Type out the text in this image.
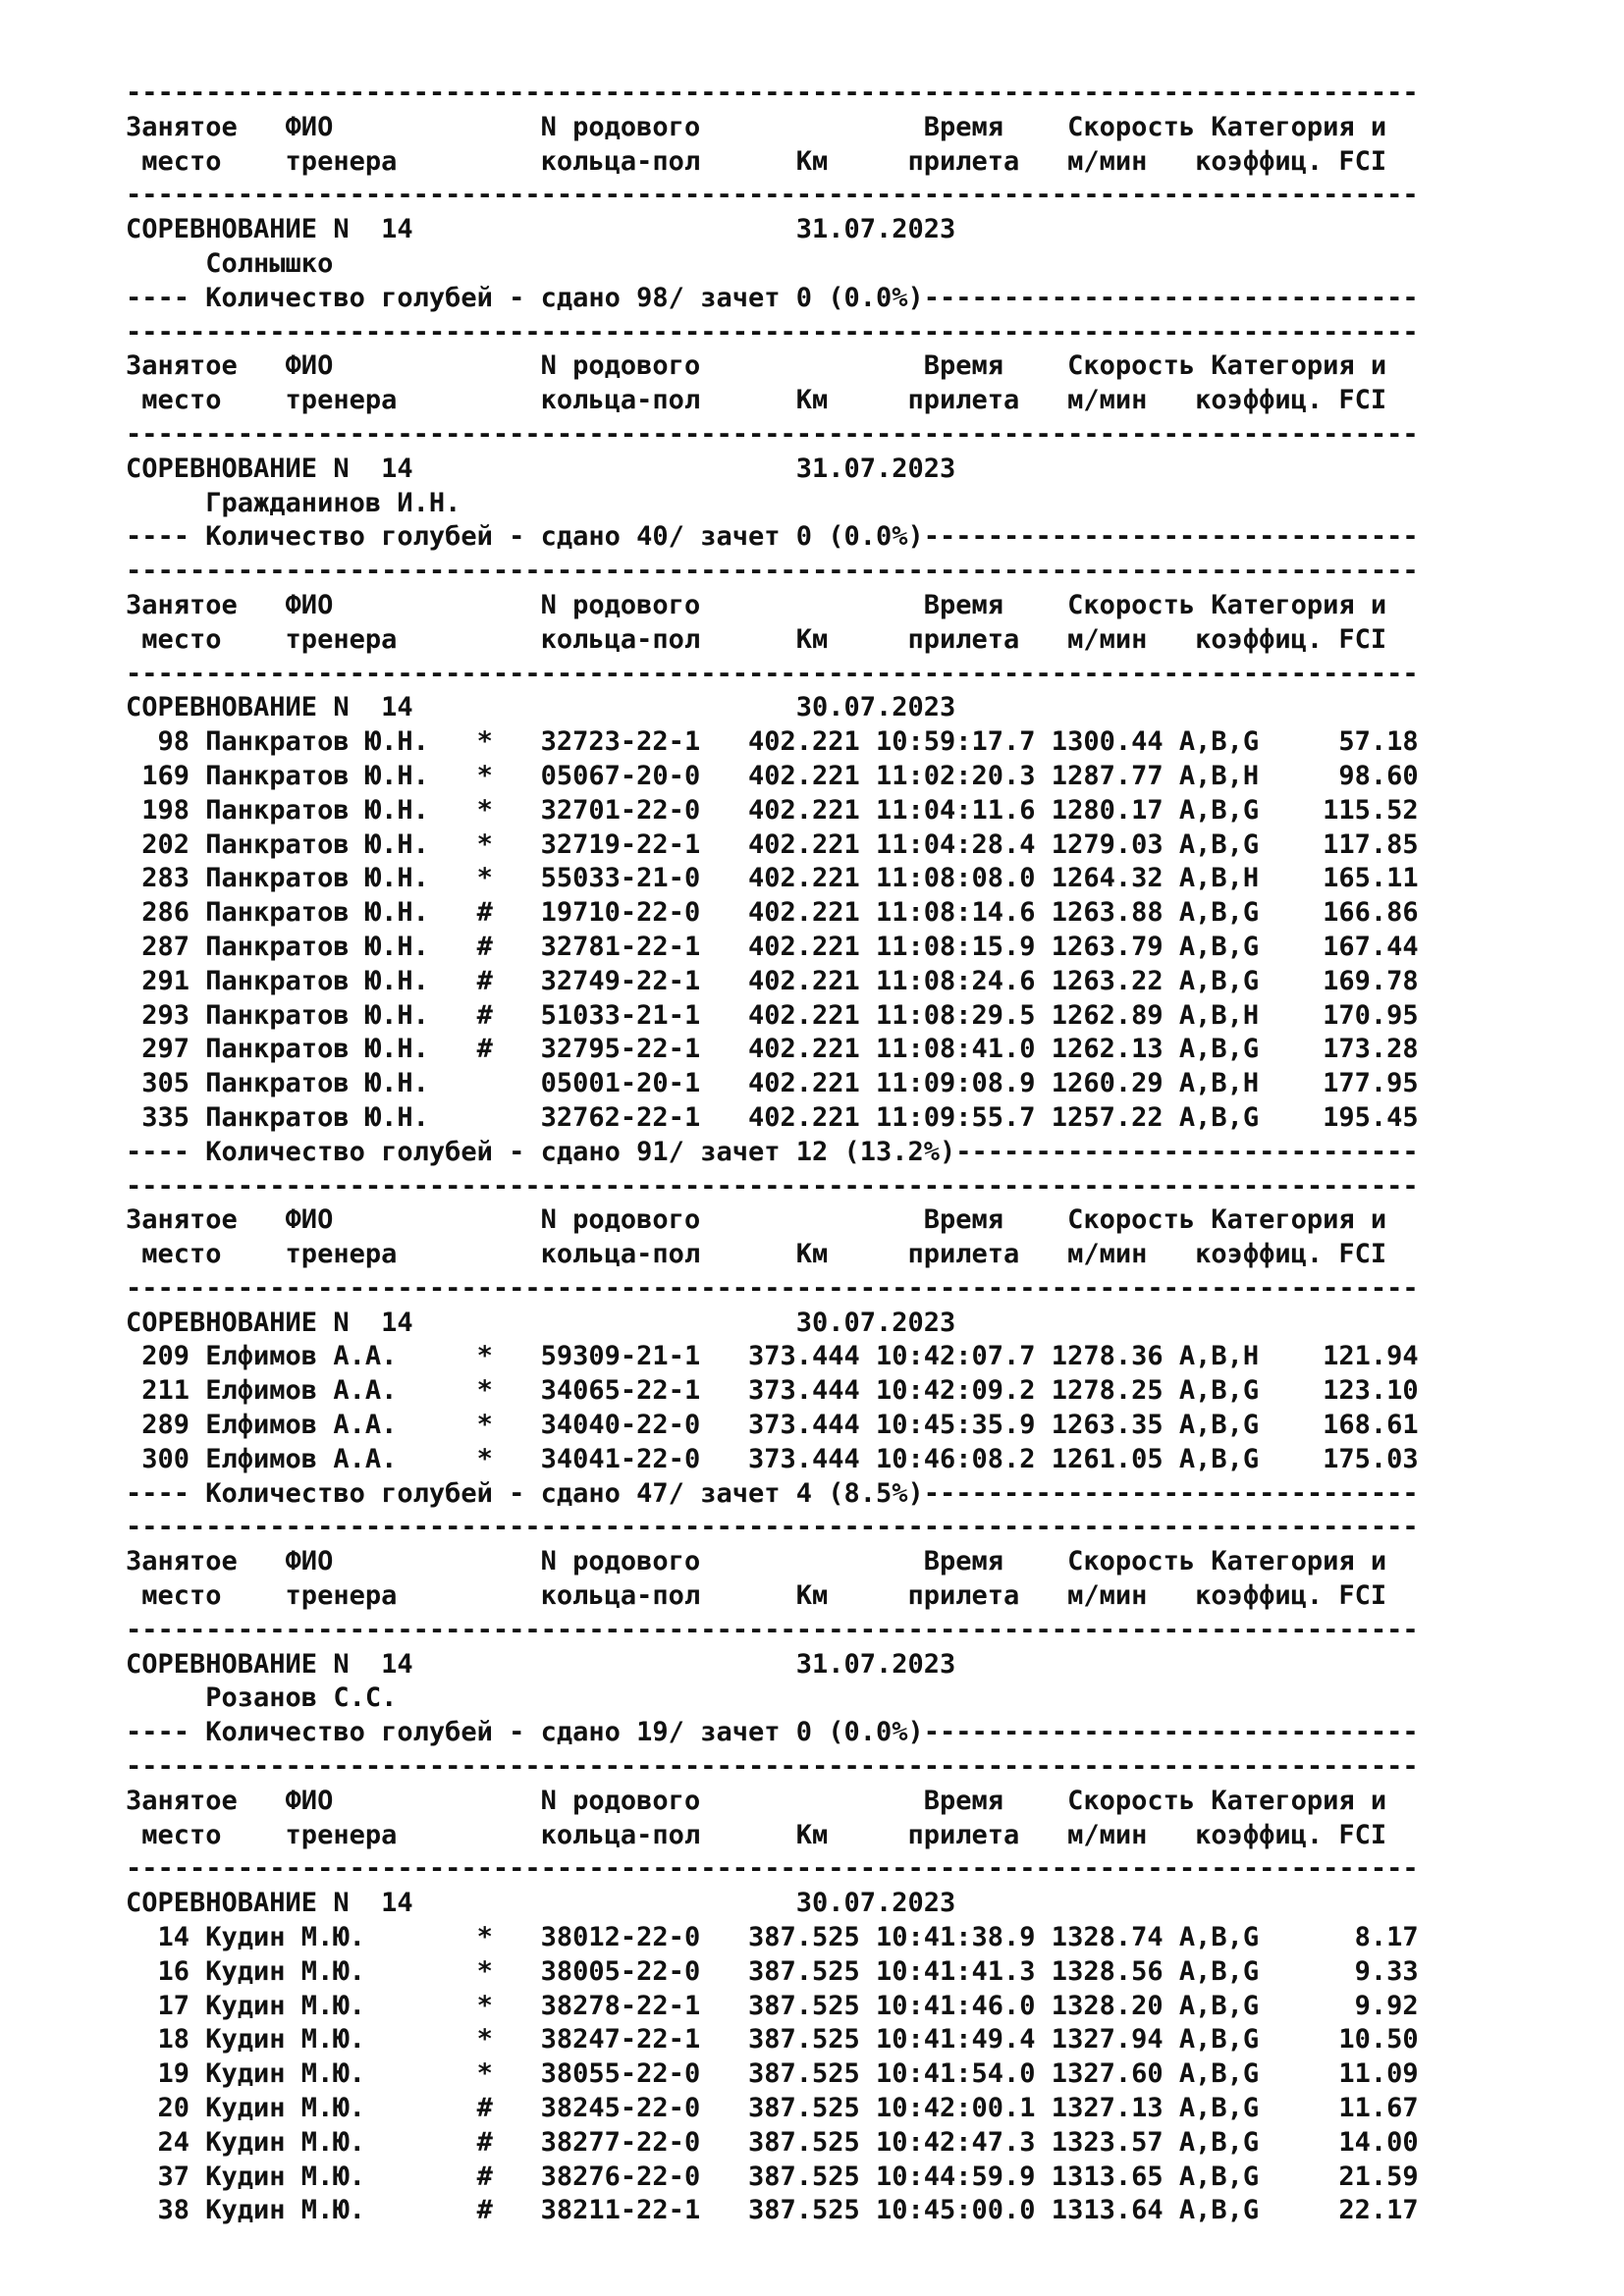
---------------------------------------------------------------------------------
Занятое   ФИО             N родового              Время    Скорость Категория и
место    тренера         кольца-пол      Км     прилета   м/мин   коэффиц. FCI
---------------------------------------------------------------------------------
СОРЕВНОВАНИЕ N  14                        31.07.2023
Солнышко
---- Количество голубей - сдано 98/ зачет 0 (0.0%)-------------------------------
---------------------------------------------------------------------------------
Занятое   ФИО             N родового              Время    Скорость Категория и
место    тренера         кольца-пол      Км     прилета   м/мин   коэффиц. FCI
---------------------------------------------------------------------------------
СОРЕВНОВАНИЕ N  14                        31.07.2023
Гражданинов И.Н.
---- Количество голубей - сдано 40/ зачет 0 (0.0%)-------------------------------
---------------------------------------------------------------------------------
Занятое   ФИО             N родового              Время    Скорость Категория и
место    тренера         кольца-пол      Км     прилета   м/мин   коэффиц. FCI
---------------------------------------------------------------------------------
СОРЕВНОВАНИЕ N  14                        30.07.2023
98 Панкратов Ю.Н.   *   32723-22-1   402.221 10:59:17.7 1300.44 A,B,G     57.18
169 Панкратов Ю.Н.   *   05067-20-0   402.221 11:02:20.3 1287.77 A,B,H     98.60
198 Панкратов Ю.Н.   *   32701-22-0   402.221 11:04:11.6 1280.17 A,B,G    115.52
202 Панкратов Ю.Н.   *   32719-22-1   402.221 11:04:28.4 1279.03 A,B,G    117.85
283 Панкратов Ю.Н.   *   55033-21-0   402.221 11:08:08.0 1264.32 A,B,H    165.11
286 Панкратов Ю.Н.   #   19710-22-0   402.221 11:08:14.6 1263.88 A,B,G    166.86
287 Панкратов Ю.Н.   #   32781-22-1   402.221 11:08:15.9 1263.79 A,B,G    167.44
291 Панкратов Ю.Н.   #   32749-22-1   402.221 11:08:24.6 1263.22 A,B,G    169.78
293 Панкратов Ю.Н.   #   51033-21-1   402.221 11:08:29.5 1262.89 A,B,H    170.95
297 Панкратов Ю.Н.   #   32795-22-1   402.221 11:08:41.0 1262.13 A,B,G    173.28
305 Панкратов Ю.Н.       05001-20-1   402.221 11:09:08.9 1260.29 A,B,H    177.95
335 Панкратов Ю.Н.       32762-22-1   402.221 11:09:55.7 1257.22 A,B,G    195.45
---- Количество голубей - сдано 91/ зачет 12 (13.2%)-----------------------------
---------------------------------------------------------------------------------
Занятое   ФИО             N родового              Время    Скорость Категория и
место    тренера         кольца-пол      Км     прилета   м/мин   коэффиц. FCI
---------------------------------------------------------------------------------
СОРЕВНОВАНИЕ N  14                        30.07.2023
209 Елфимов А.А.     *   59309-21-1   373.444 10:42:07.7 1278.36 A,B,H    121.94
211 Елфимов А.А.     *   34065-22-1   373.444 10:42:09.2 1278.25 A,B,G    123.10
289 Елфимов А.А.     *   34040-22-0   373.444 10:45:35.9 1263.35 A,B,G    168.61
300 Елфимов А.А.     *   34041-22-0   373.444 10:46:08.2 1261.05 A,B,G    175.03
---- Количество голубей - сдано 47/ зачет 4 (8.5%)-------------------------------
---------------------------------------------------------------------------------
Занятое   ФИО             N родового              Время    Скорость Категория и
место    тренера         кольца-пол      Км     прилета   м/мин   коэффиц. FCI
---------------------------------------------------------------------------------
СОРЕВНОВАНИЕ N  14                        31.07.2023
Розанов С.С.
---- Количество голубей - сдано 19/ зачет 0 (0.0%)-------------------------------
---------------------------------------------------------------------------------
Занятое   ФИО             N родового              Время    Скорость Категория и
место    тренера         кольца-пол      Км     прилета   м/мин   коэффиц. FCI
---------------------------------------------------------------------------------
СОРЕВНОВАНИЕ N  14                        30.07.2023
14 Кудин М.Ю.       *   38012-22-0   387.525 10:41:38.9 1328.74 A,B,G      8.17
16 Кудин М.Ю.       *   38005-22-0   387.525 10:41:41.3 1328.56 A,B,G      9.33
17 Кудин М.Ю.       *   38278-22-1   387.525 10:41:46.0 1328.20 A,B,G      9.92
18 Кудин М.Ю.       *   38247-22-1   387.525 10:41:49.4 1327.94 A,B,G     10.50
19 Кудин М.Ю.       *   38055-22-0   387.525 10:41:54.0 1327.60 A,B,G     11.09
20 Кудин М.Ю.       #   38245-22-0   387.525 10:42:00.1 1327.13 A,B,G     11.67
24 Кудин М.Ю.       #   38277-22-0   387.525 10:42:47.3 1323.57 A,B,G     14.00
37 Кудин М.Ю.       #   38276-22-0   387.525 10:44:59.9 1313.65 A,B,G     21.59
38 Кудин М.Ю.       #   38211-22-1   387.525 10:45:00.0 1313.64 A,B,G     22.17
